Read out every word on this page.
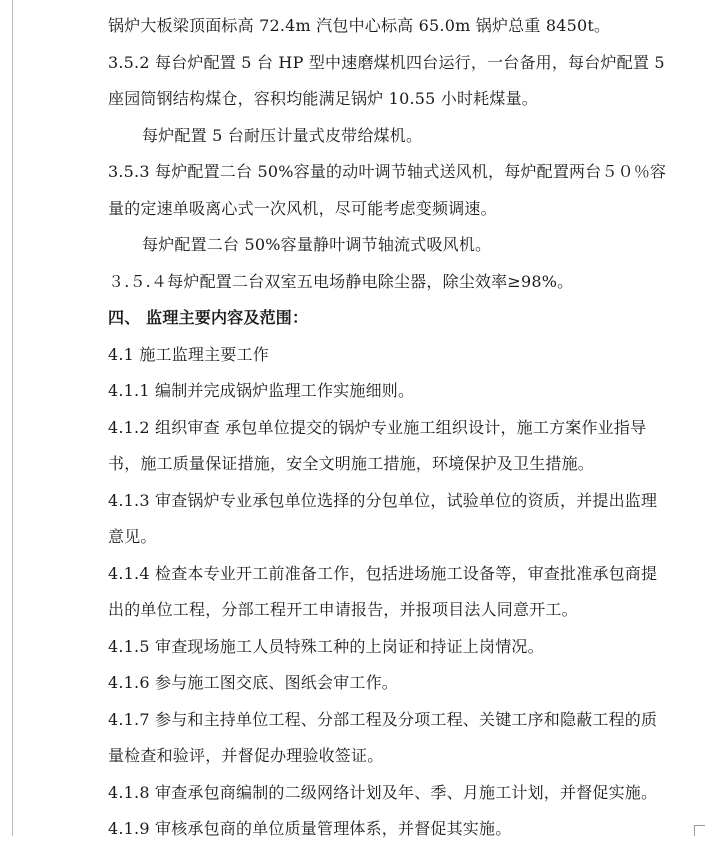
锅炉大板梁顶面标高 72.4m 汽包中心标高 65.0m 锅炉总重 8450t。
3.5.2 每台炉配置 5 台 HP 型中速磨煤机四台运行，一台备用，每台炉配置 5
座园筒钢结构煤仓，容积均能满足锅炉 10.55 小时耗煤量。
每炉配置 5 台耐压计量式皮带给煤机。
3.5.3 每炉配置二台 50%容量的动叶调节轴式送风机，每炉配置两台５０％容
量的定速单吸离心式一次风机，尽可能考虑变频调速。
每炉配置二台 50%容量静叶调节轴流式吸风机。
３.５.４每炉配置二台双室五电场静电除尘器，除尘效率≥98%。
四、 监理主要内容及范围：
4.1 施工监理主要工作
4.1.1 编制并完成锅炉监理工作实施细则。
4.1.2 组织审查 承包单位提交的锅炉专业施工组织设计，施工方案作业指导
书，施工质量保证措施，安全文明施工措施，环境保护及卫生措施。
4.1.3 审查锅炉专业承包单位选择的分包单位，试验单位的资质，并提出监理
意见。
4.1.4 检查本专业开工前准备工作，包括进场施工设备等，审查批准承包商提
出的单位工程，分部工程开工申请报告，并报项目法人同意开工。
4.1.5 审查现场施工人员特殊工种的上岗证和持证上岗情况。
4.1.6 参与施工图交底、图纸会审工作。
4.1.7 参与和主持单位工程、分部工程及分项工程、关键工序和隐蔽工程的质
量检查和验评，并督促办理验收签证。
4.1.8 审查承包商编制的二级网络计划及年、季、月施工计划，并督促实施。
4.1.9 审核承包商的单位质量管理体系，并督促其实施。
